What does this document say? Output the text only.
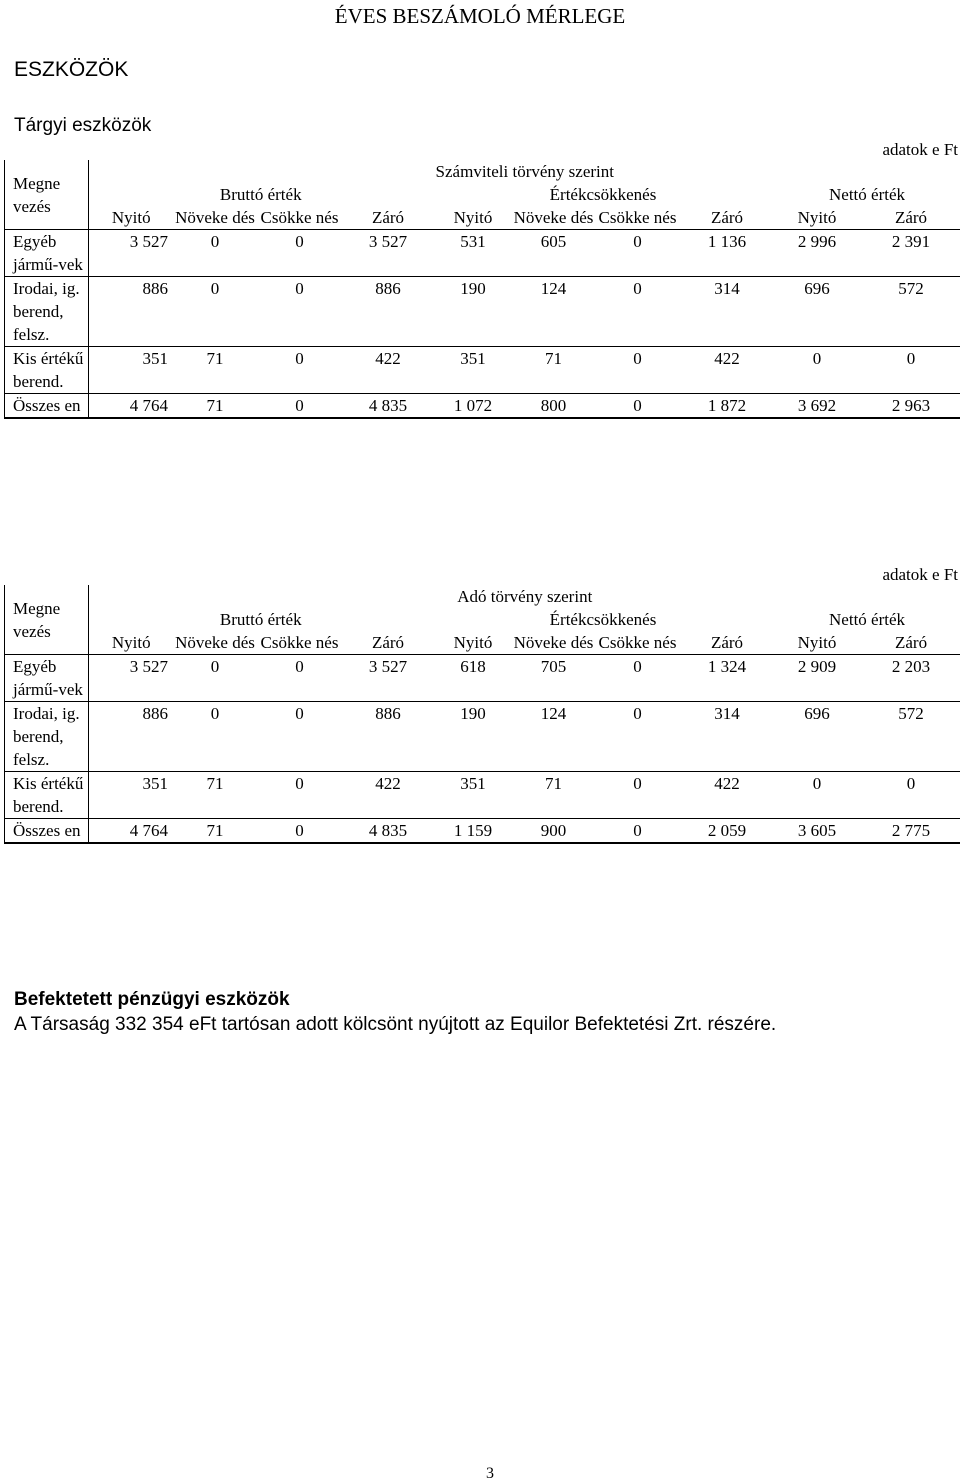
ÉVES BESZÁMOLÓ MÉRLEGE
ESZKÖZÖK
Tárgyi eszközök
adatok e Ft
Megne vezés	Számviteli törvény szerint									
	Bruttó érték				Értékcsökkenés				Nettó érték	
	Nyitó	Növeke dés	Csökke nés	Záró	Nyitó	Növeke dés	Csökke nés	Záró	Nyitó	Záró
Egyéb jármű-vek	3 527	0	0	3 527	531	605	0	1 136	2 996	2 391
Irodai, ig. berend, felsz.	886	0	0	886	190	124	0	314	696	572
Kis értékű berend.	351	71	0	422	351	71	0	422	0	0
Összes en	4 764	71	0	4 835	1 072	800	0	1 872	3 692	2 963

adatok e Ft
Megne vezés	Adó törvény szerint									
	Bruttó érték				Értékcsökkenés				Nettó érték	
	Nyitó	Növeke dés	Csökke nés	Záró	Nyitó	Növeke dés	Csökke nés	Záró	Nyitó	Záró
Egyéb jármű-vek	3 527	0	0	3 527	618	705	0	1 324	2 909	2 203
Irodai, ig. berend, felsz.	886	0	0	886	190	124	0	314	696	572
Kis értékű berend.	351	71	0	422	351	71	0	422	0	0
Összes en	4 764	71	0	4 835	1 159	900	0	2 059	3 605	2 775

Befektetett pénzügyi eszközök
A Társaság 332 354 eFt tartósan adott kölcsönt nyújtott az Equilor Befektetési Zrt. részére.
3
